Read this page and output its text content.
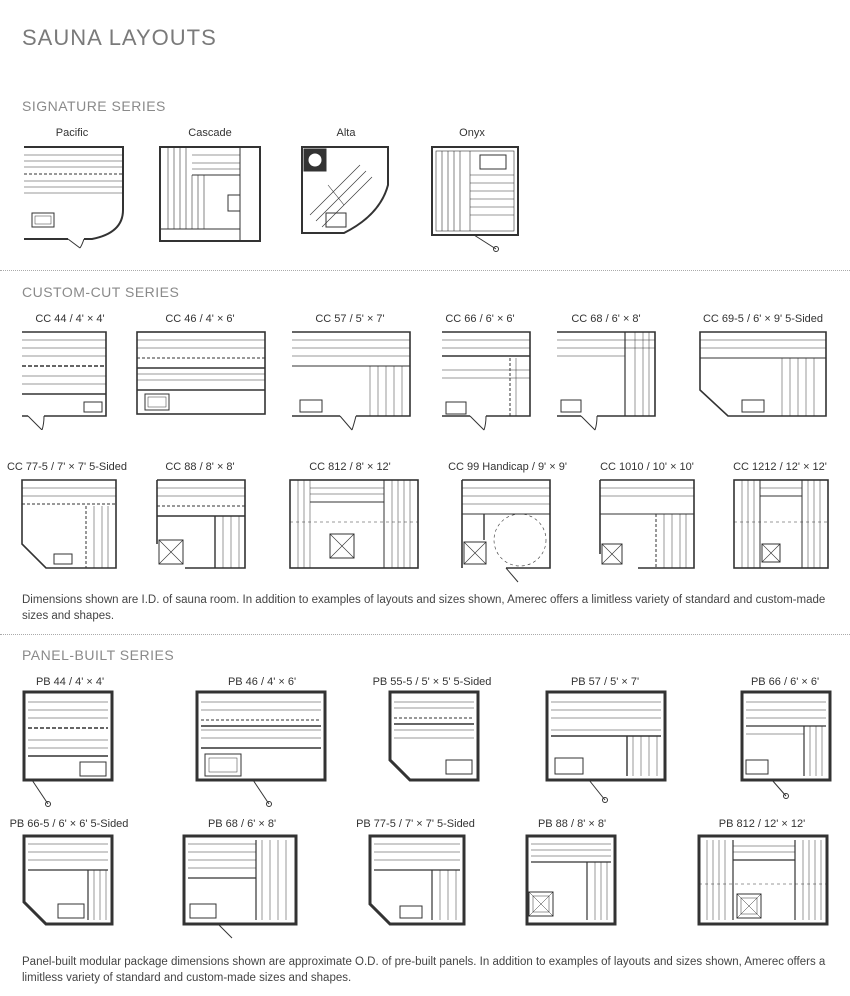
SAUNA LAYOUTS
SIGNATURE SERIES
Pacific	Cascade	Alta	Onyx
CUSTOM-CUT SERIES
CC 44 / 4' × 4'	CC 46 / 4' × 6'	CC 57 / 5' × 7'	CC 66 / 6' × 6'	CC 68 / 6' × 8'	CC 69-5 / 6' × 9' 5-Sided
CC 77-5 / 7' × 7' 5-Sided	CC 88 / 8' × 8'	CC 812 / 8' × 12'	CC 99 Handicap / 9' × 9'	CC 1010 / 10' × 10'	CC 1212 / 12' × 12'
Dimensions shown are I.D. of sauna room. In addition to examples of layouts and sizes shown, Amerec offers a limitless variety of standard and custom-made sizes and shapes.
PANEL-BUILT SERIES
PB 44 / 4' × 4'	PB 46 / 4' × 6'	PB 55-5 / 5' × 5' 5-Sided	PB 57 / 5' × 7'	PB 66 / 6' × 6'
PB 66-5 / 6' × 6' 5-Sided	PB 68 / 6' × 8'	PB 77-5 / 7' × 7' 5-Sided	PB 88 / 8' × 8'	PB 812 / 12' × 12'
Panel-built modular package dimensions shown are approximate O.D. of pre-built panels. In addition to examples of layouts and sizes shown, Amerec offers a limitless variety of standard and custom-made sizes and shapes.
